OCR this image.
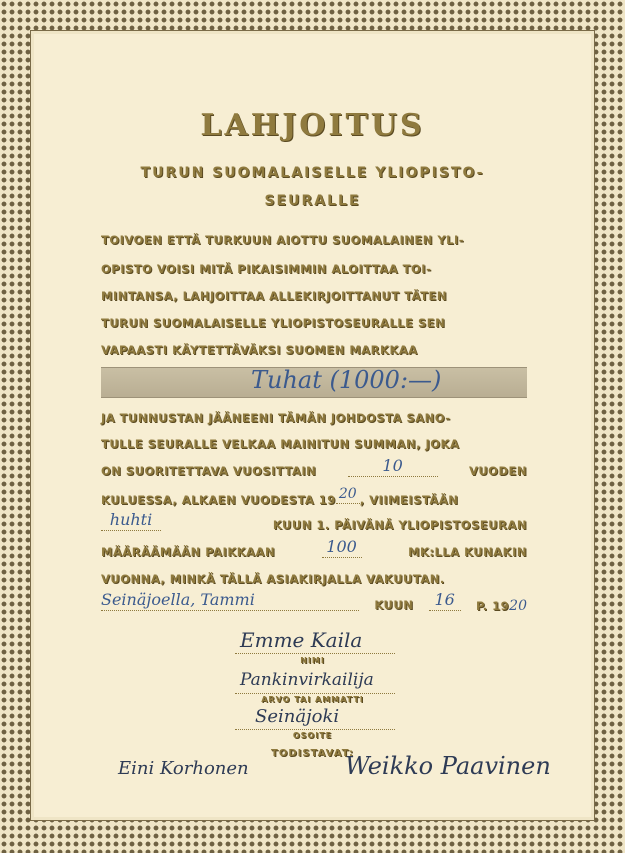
LAHJOITUS
TURUN SUOMALAISELLE YLIOPISTO-
SEURALLE
TOIVOEN ETTÄ TURKUUN AIOTTU SUOMALAINEN YLI-
OPISTO VOISI MITÄ PIKAISIMMIN ALOITTAA TOI-
MINTANSA, LAHJOITTAA ALLEKIRJOITTANUT TÄTEN
TURUN SUOMALAISELLE YLIOPISTOSEURALLE SEN
VAPAASTI KÄYTETTÄVÄKSI SUOMEN MARKKAA
Tuhat (1000:—)
JA TUNNUSTAN JÄÄNEENI TÄMÄN JOHDOSTA SANO-
TULLE SEURALLE VELKAA MAINITUN SUMMAN, JOKA
ON SUORITETTAVA VUOSITTAIN	10	VUODEN
KULUESSA, ALKAEN VUODESTA 19 20 , VIIMEISTÄÄN
huhti	KUUN 1. PÄIVÄNÄ YLIOPISTOSEURAN
MÄÄRÄÄMÄÄN PAIKKAAN	100	MK:LLA KUNAKIN
VUONNA, MINKÄ TÄLLÄ ASIAKIRJALLA VAKUUTAN.
Seinäjoella, Tammi	KUUN	16	P. 1920
Emme Kaila
NIMI
Pankinvirkailija
ARVO TAI AMMATTI
Seinäjoki
OSOITE
TODISTAVAT:
Eini Korhonen	Weikko Paavinen
